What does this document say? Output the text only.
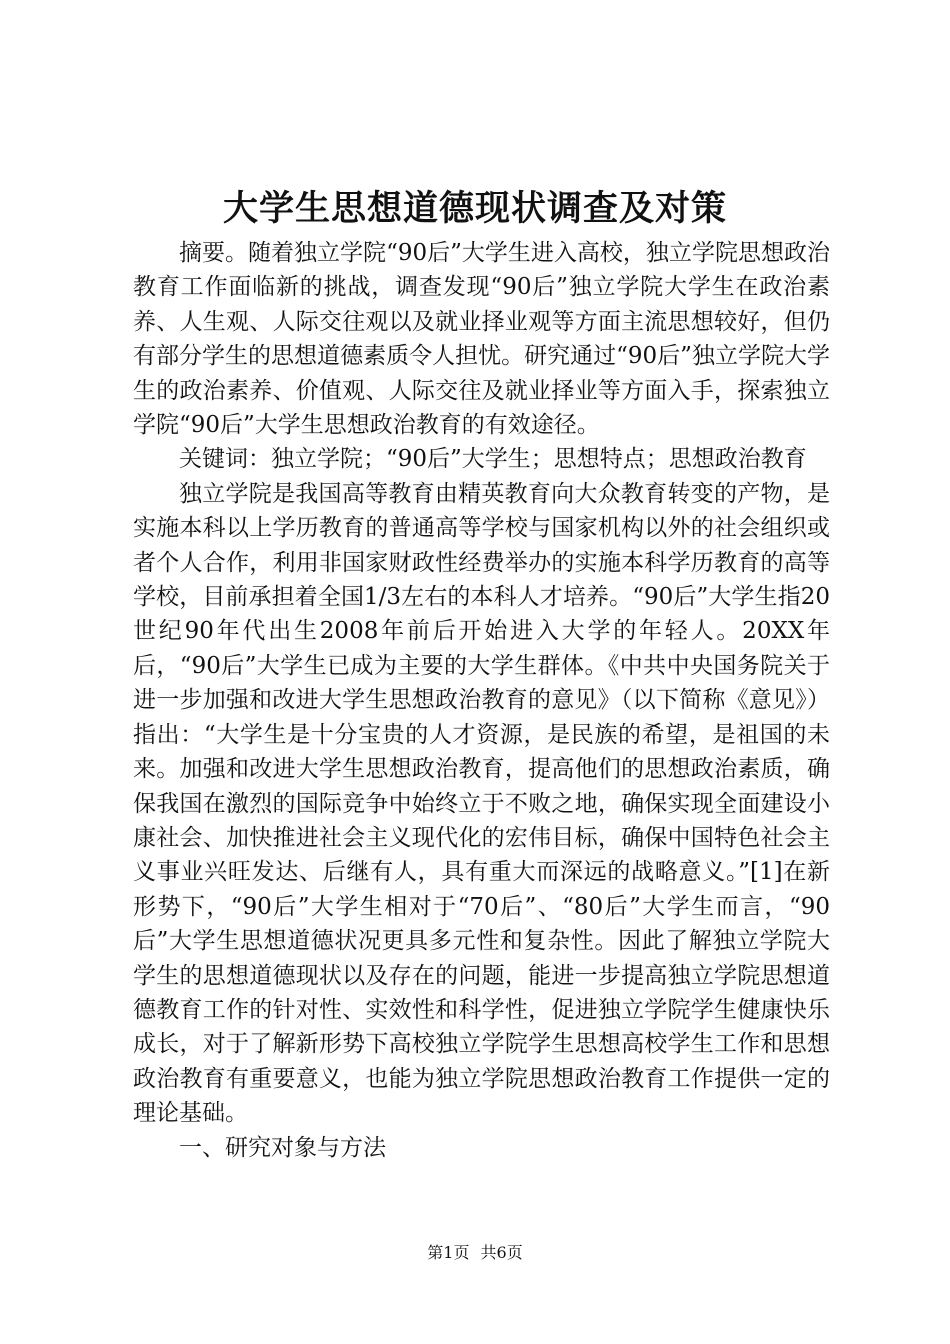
大学生思想道德现状调查及对策

摘要。随着独立学院“90后”大学生进入高校，独立学院思想政治教育工作面临新的挑战，调查发现“90后”独立学院大学生在政治素养、人生观、人际交往观以及就业择业观等方面主流思想较好，但仍有部分学生的思想道德素质令人担忧。研究通过“90后”独立学院大学生的政治素养、价值观、人际交往及就业择业等方面入手，探索独立学院“90后”大学生思想政治教育的有效途径。

关键词：独立学院；“90后”大学生；思想特点；思想政治教育

独立学院是我国高等教育由精英教育向大众教育转变的产物，是实施本科以上学历教育的普通高等学校与国家机构以外的社会组织或者个人合作，利用非国家财政性经费举办的实施本科学历教育的高等学校，目前承担着全国1/3左右的本科人才培养。“90后”大学生指20世纪90年代出生2008年前后开始进入大学的年轻人。20XX年后，“90后”大学生已成为主要的大学生群体。《中共中央国务院关于进一步加强和改进大学生思想政治教育的意见》（以下简称《意见》）指出：“大学生是十分宝贵的人才资源，是民族的希望，是祖国的未来。加强和改进大学生思想政治教育，提高他们的思想政治素质，确保我国在激烈的国际竞争中始终立于不败之地，确保实现全面建设小康社会、加快推进社会主义现代化的宏伟目标，确保中国特色社会主义事业兴旺发达、后继有人，具有重大而深远的战略意义。”[1]在新形势下，“90后”大学生相对于“70后”、“80后”大学生而言，“90后”大学生思想道德状况更具多元性和复杂性。因此了解独立学院大学生的思想道德现状以及存在的问题，能进一步提高独立学院思想道德教育工作的针对性、实效性和科学性，促进独立学院学生健康快乐成长，对于了解新形势下高校独立学院学生思想高校学生工作和思想政治教育有重要意义，也能为独立学院思想政治教育工作提供一定的理论基础。

一、研究对象与方法

第1页 共6页
